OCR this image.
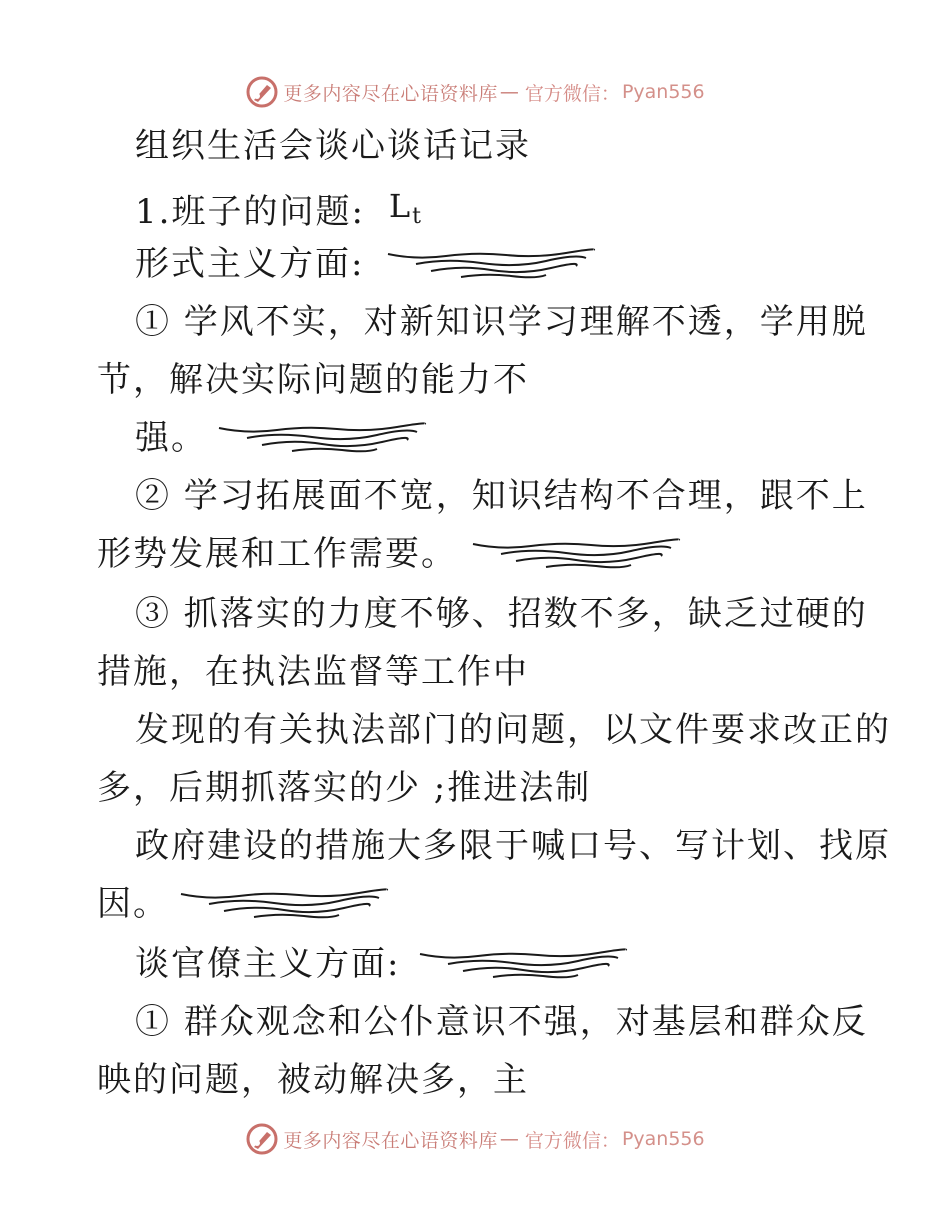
更多内容尽在心语资料库 — 官方微信： Pyan556
组织生活会谈心谈话记录
1.班子的问题: $L_t$
形式主义方面:
① 学风不实，对新知识学习理解不透，学用脱
节，解决实际问题的能力不
强。
② 学习拓展面不宽，知识结构不合理，跟不上
形势发展和工作需要。
③ 抓落实的力度不够、招数不多，缺乏过硬的
措施，在执法监督等工作中
发现的有关执法部门的问题，以文件要求改正的
多，后期抓落实的少 ;推进法制
政府建设的措施大多限于喊口号、写计划、找原
因。
谈官僚主义方面:
① 群众观念和公仆意识不强，对基层和群众反
映的问题，被动解决多，主
更多内容尽在心语资料库 — 官方微信： Pyan556
